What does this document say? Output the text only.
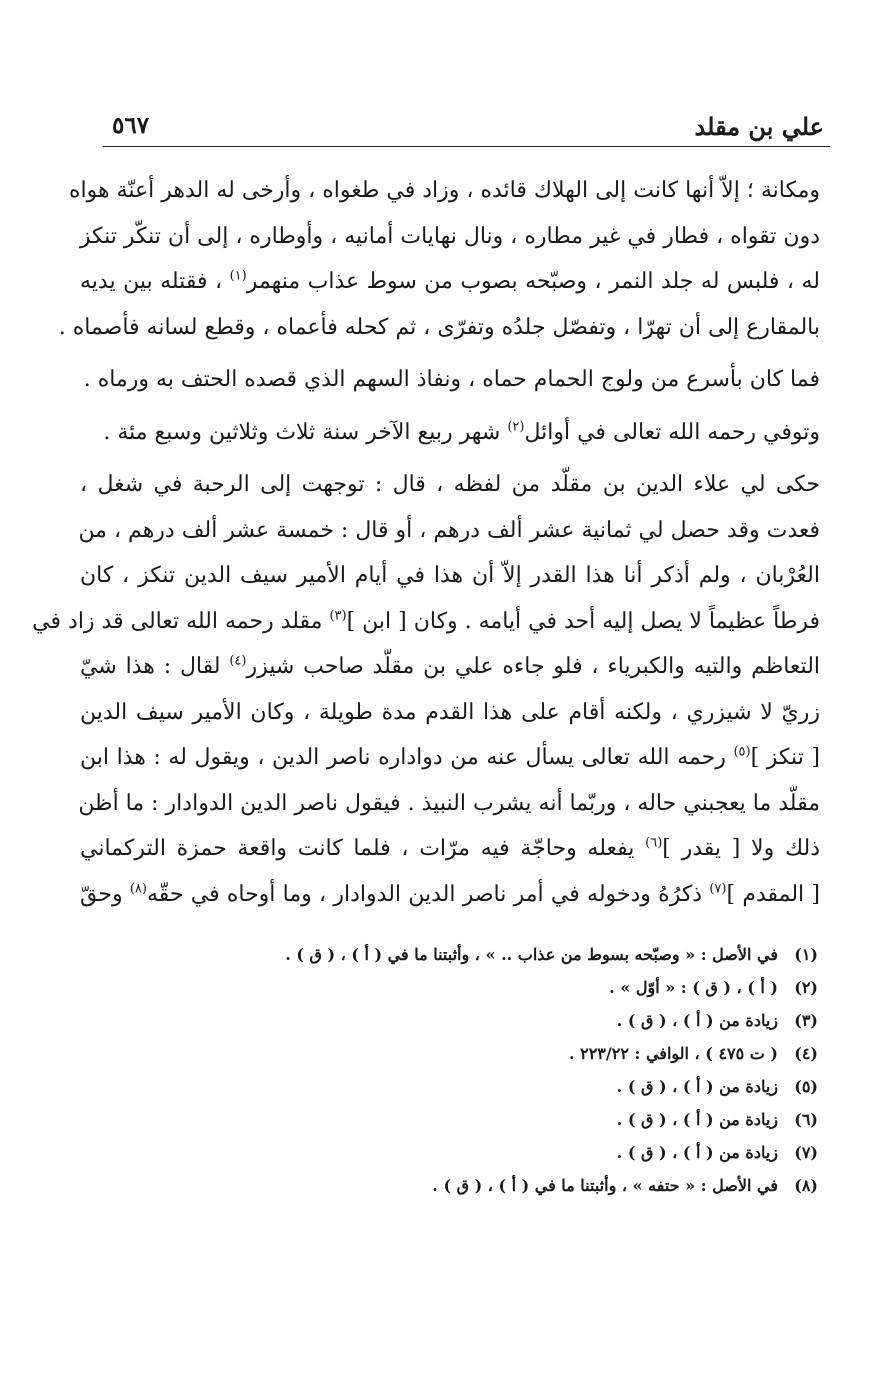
علي بن مقلد
٥٦٧

ومكانة ؛ إلاّ أنها كانت إلى الهلاك قائده ، وزاد في طغواه ، وأرخى له الدهر أعنّة هواه
دون تقواه ، فطار في غير مطاره ، ونال نهايات أمانيه ، وأوطاره ، إلى أن تنكّر تنكز
له ، فلبس له جلد النمر ، وصبّحه بصوب من سوط عذاب منهمر$^{(١)}$ ، فقتله بين يديه
بالمقارع إلى أن تهرّا ، وتفصّل جلدُه وتفرّى ، ثم كحله فأعماه ، وقطع لسانه فأصماه .

فما كان بأسرع من ولوج الحمام حماه ، ونفاذ السهم الذي قصده الحتف به ورماه .

وتوفي رحمه الله تعالى في أوائل$^{(٢)}$ شهر ربيع الآخر سنة ثلاث وثلاثين وسبع مئة .

حكى لي علاء الدين بن مقلّد من لفظه ، قال : توجهت إلى الرحبة في شغل ،
فعدت وقد حصل لي ثمانية عشر ألف درهم ، أو قال : خمسة عشر ألف درهم ، من
العُرْبان ، ولم أذكر أنا هذا القدر إلاّ أن هذا في أيام الأمير سيف الدين تنكز ، كان
فرطاً عظيماً لا يصل إليه أحد في أيامه . وكان [ ابن ]$^{(٣)}$ مقلد رحمه الله تعالى قد زاد في
التعاظم والتيه والكبرياء ، فلو جاءه علي بن مقلّد صاحب شيزر$^{(٤)}$ لقال : هذا شيّ
زريّ لا شيزري ، ولكنه أقام على هذا القدم مدة طويلة ، وكان الأمير سيف الدين
[ تنكز ]$^{(٥)}$ رحمه الله تعالى يسأل عنه من دواداره ناصر الدين ، ويقول له : هذا ابن
مقلّد ما يعجبني حاله ، وربّما أنه يشرب النبيذ . فيقول ناصر الدين الدوادار : ما أظن
ذلك ولا [ يقدر ]$^{(٦)}$ يفعله وحاجّة فيه مرّات ، فلما كانت واقعة حمزة التركماني
[ المقدم ]$^{(٧)}$ ذكرُهُ ودخوله في أمر ناصر الدين الدوادار ، وما أوحاه في حقّه$^{(٨)}$ وحقّ

(١)
في الأصل : « وصبّحه بسوط من عذاب .. » ، وأثبتنا ما في ( أ ) ، ( ق ) .
(٢)
( أ ) ، ( ق ) : « أوّل » .
(٣)
زيادة من ( أ ) ، ( ق ) .
(٤)
( ت ٤٧٥ ) ، الوافي : ٢٢٣/٢٢ .
(٥)
زيادة من ( أ ) ، ( ق ) .
(٦)
زيادة من ( أ ) ، ( ق ) .
(٧)
زيادة من ( أ ) ، ( ق ) .
(٨)
في الأصل : « حتفه » ، وأثبتنا ما في ( أ ) ، ( ق ) .
